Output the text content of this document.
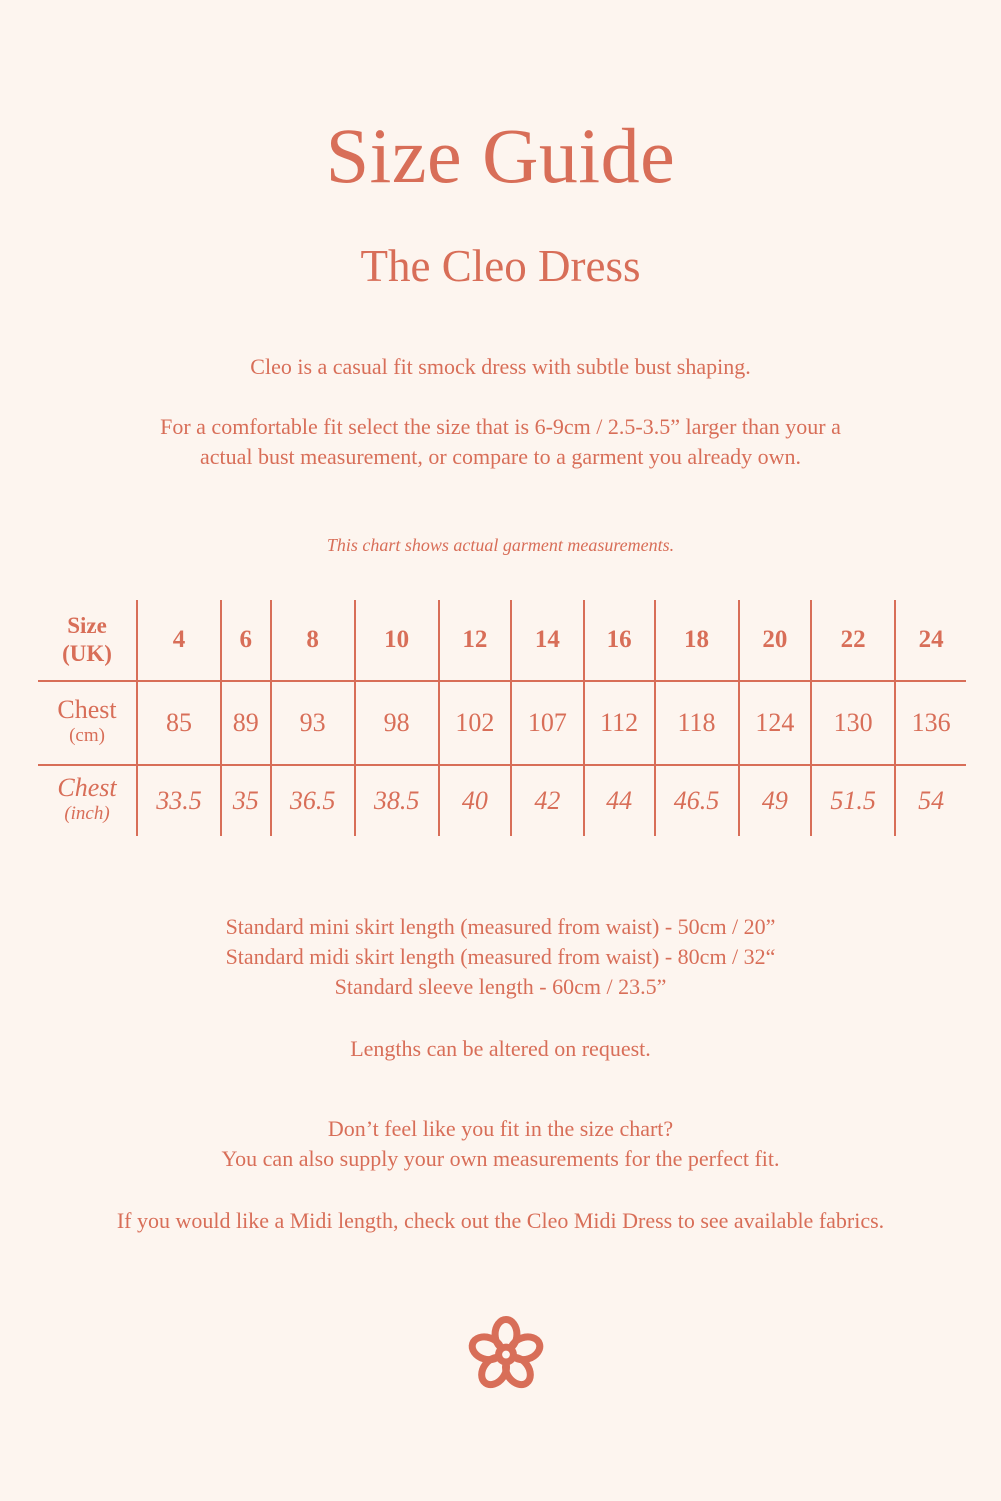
Size Guide
The Cleo Dress
Cleo is a casual fit smock dress with subtle bust shaping.
For a comfortable fit select the size that is 6-9cm / 2.5-3.5” larger than your a
actual bust measurement, or compare to a garment you already own.
This chart shows actual garment measurements.
Size
(UK)	4	6	8	10	12	14	16	18	20	22	24

Chest
(cm)	85	89	93	98	102	107	112	118	124	130	136

Chest
(inch)	33.5	35	36.5	38.5	40	42	44	46.5	49	51.5	54
Standard mini skirt length (measured from waist) - 50cm / 20”
Standard midi skirt length (measured from waist) - 80cm / 32“
Standard sleeve length - 60cm / 23.5”
Lengths can be altered on request.
Don’t feel like you fit in the size chart?
You can also supply your own measurements for the perfect fit.
If you would like a Midi length, check out the Cleo Midi Dress to see available fabrics.
